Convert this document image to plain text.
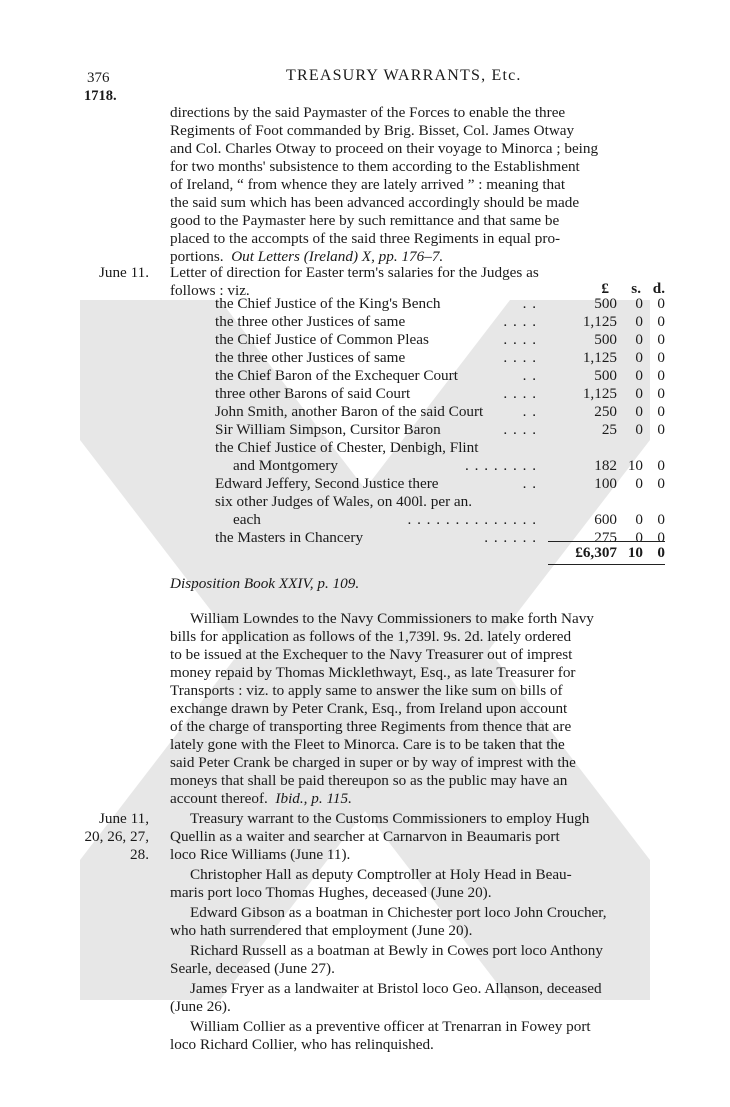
376
1718.
TREASURY WARRANTS, Etc.
directions by the said Paymaster of the Forces to enable the three
Regiments of Foot commanded by Brig. Bisset, Col. James Otway
and Col. Charles Otway to proceed on their voyage to Minorca ; being
for two months' subsistence to them according to the Establishment
of Ireland, “ from whence they are lately arrived ” : meaning that
the said sum which has been advanced accordingly should be made
good to the Paymaster here by such remittance and that same be
placed to the accompts of the said three Regiments in equal pro-
portions. Out Letters (Ireland) X, pp. 176–7.
June 11. Letter of direction for Easter term's salaries for the Judges as
follows : viz.	£ s. d.
the Chief Justice of the King's Bench	. .	500	0 0
the three other Justices of same	. . . .	1,125	0 0
the Chief Justice of Common Pleas	. . . .	500	0 0
the three other Justices of same	. . . .	1,125	0 0
the Chief Baron of the Exchequer Court	. .	500	0 0
three other Barons of said Court	. . . .	1,125	0 0
John Smith, another Baron of the said Court	. .	250	0 0
Sir William Simpson, Cursitor Baron	. . . .	25	0 0
the Chief Justice of Chester, Denbigh, Flint
and Montgomery	. . . . . . . .	182 10 0
Edward Jeffery, Second Justice there	. .	100	0 0
six other Judges of Wales, on 400l. per an.
each	. . . . . . . . . . . . . .	600	0 0
the Masters in Chancery	. . . . . .	275	0 0
£6,307 10 0
Disposition Book XXIV, p. 109.
William Lowndes to the Navy Commissioners to make forth Navy
bills for application as follows of the 1,739l. 9s. 2d. lately ordered
to be issued at the Exchequer to the Navy Treasurer out of imprest
money repaid by Thomas Micklethwayt, Esq., as late Treasurer for
Transports : viz. to apply same to answer the like sum on bills of
exchange drawn by Peter Crank, Esq., from Ireland upon account
of the charge of transporting three Regiments from thence that are
lately gone with the Fleet to Minorca. Care is to be taken that the
said Peter Crank be charged in super or by way of imprest with the
moneys that shall be paid thereupon so as the public may have an
account thereof. Ibid., p. 115.
June 11,
20, 26, 27,
28.
Treasury warrant to the Customs Commissioners to employ Hugh
Quellin as a waiter and searcher at Carnarvon in Beaumaris port
loco Rice Williams (June 11).
Christopher Hall as deputy Comptroller at Holy Head in Beau-
maris port loco Thomas Hughes, deceased (June 20).
Edward Gibson as a boatman in Chichester port loco John Croucher,
who hath surrendered that employment (June 20).
Richard Russell as a boatman at Bewly in Cowes port loco Anthony
Searle, deceased (June 27).
James Fryer as a landwaiter at Bristol loco Geo. Allanson, deceased
(June 26).
William Collier as a preventive officer at Trenarran in Fowey port
loco Richard Collier, who has relinquished.
